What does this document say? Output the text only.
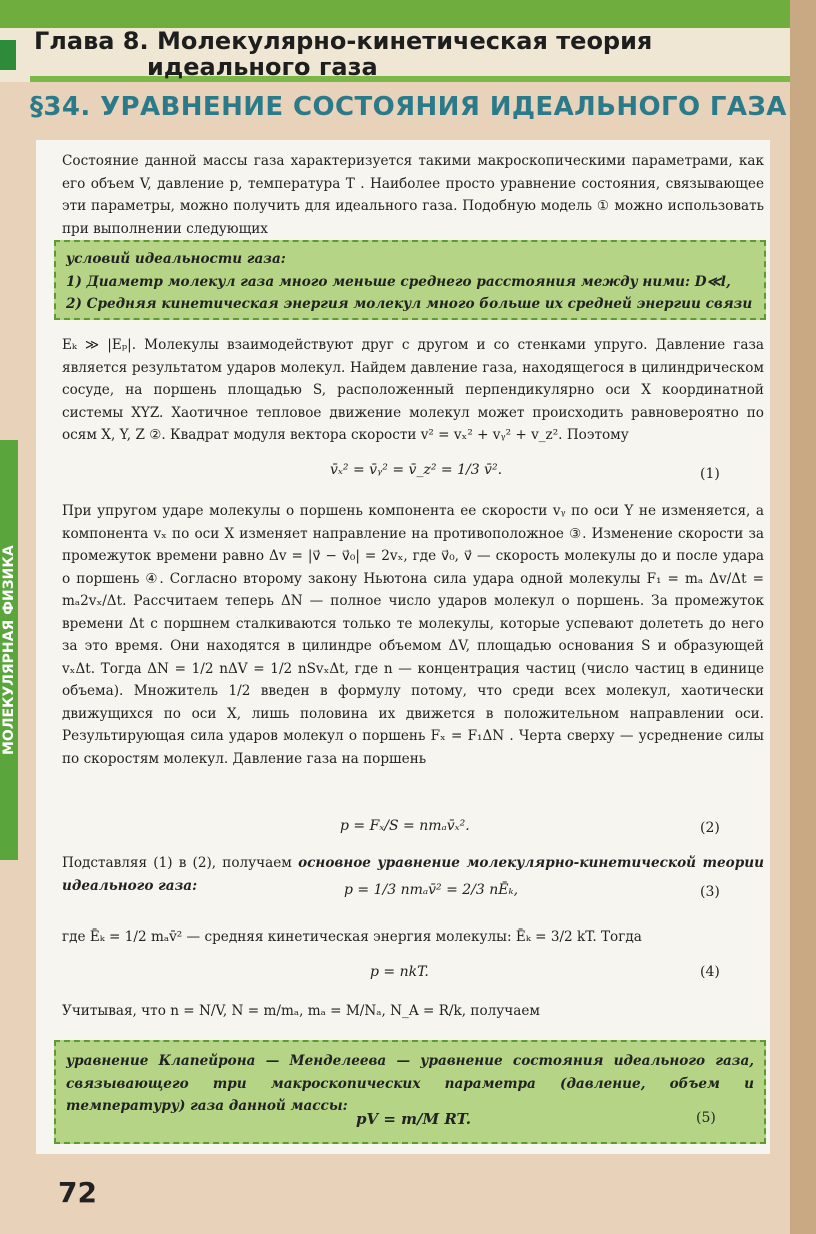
Глава 8. Молекулярно-кинетическая теория
идеального газа
§34. УРАВНЕНИЕ СОСТОЯНИЯ ИДЕАЛЬНОГО ГАЗА
МОЛЕКУЛЯРНАЯ ФИЗИКА

Состояние данной массы газа характеризуется такими макроскопическими параметрами, как его объем V, давление p, температура T . Наиболее просто уравнение состояния, связывающее эти параметры, можно получить для идеального газа. Подобную модель ① можно использовать при выполнении следующих

условий идеальности газа:
1) Диаметр молекул газа много меньше среднего расстояния между ними: D≪l,
2) Средняя кинетическая энергия молекул много больше их средней энергии связи

Eₖ ≫ |Eₚ|. Молекулы взаимодействуют друг с другом и со стенками упруго. Давление газа является результатом ударов молекул. Найдем давление газа, находящегося в цилиндрическом сосуде, на поршень площадью S, расположенный перпендикулярно оси X координатной системы XYZ. Хаотичное тепловое движение молекул может происходить равновероятно по осям X, Y, Z ②. Квадрат модуля вектора скорости v² = vₓ² + vᵧ² + v_z². Поэтому

v̄ₓ² = v̄ᵧ² = v̄_z² = 1/3 v̄².	(1)

При упругом ударе молекулы о поршень компонента ее скорости vᵧ по оси Y не изменяется, а компонента vₓ по оси X изменяет направление на противоположное ③. Изменение скорости за промежуток времени равно Δv = |v⃗ − v⃗₀| = 2vₓ, где v⃗₀, v⃗ — скорость молекулы до и после удара о поршень ④. Согласно второму закону Ньютона сила удара одной молекулы F₁ = mₐ Δv/Δt = mₐ2vₓ/Δt. Рассчитаем теперь ΔN — полное число ударов молекул о поршень. За промежуток времени Δt с поршнем сталкиваются только те молекулы, которые успевают долететь до него за это время. Они находятся в цилиндре объемом ΔV, площадью основания S и образующей vₓΔt. Тогда ΔN = 1/2 nΔV = 1/2 nSvₓΔt, где n — концентрация частиц (число частиц в единице объема). Множитель 1/2 введен в формулу потому, что среди всех молекул, хаотически движущихся по оси X, лишь половина их движется в положительном направлении оси. Результирующая сила ударов молекул о поршень Fₓ = F₁ΔN . Черта сверху — усреднение силы по скоростям молекул. Давление газа на поршень

p = Fₓ/S = nmₐv̄ₓ².	(2)

Подставляя (1) в (2), получаем основное уравнение молекулярно-кинетической теории идеального газа:	p = 1/3 nmₐv̄² = 2/3 nĒₖ,	(3)

где Ēₖ = 1/2 mₐv̄² — средняя кинетическая энергия молекулы: Ēₖ = 3/2 kT. Тогда

p = nkT.	(4)

Учитывая, что n = N/V, N = m/mₐ, mₐ = M/Nₐ, N_A = R/k, получаем

уравнение Клапейрона — Менделеева — уравнение состояния идеального газа, связывающего три макроскопических параметра (давление, объем и температуру) газа данной массы:
pV = m/M RT.	(5)
72
